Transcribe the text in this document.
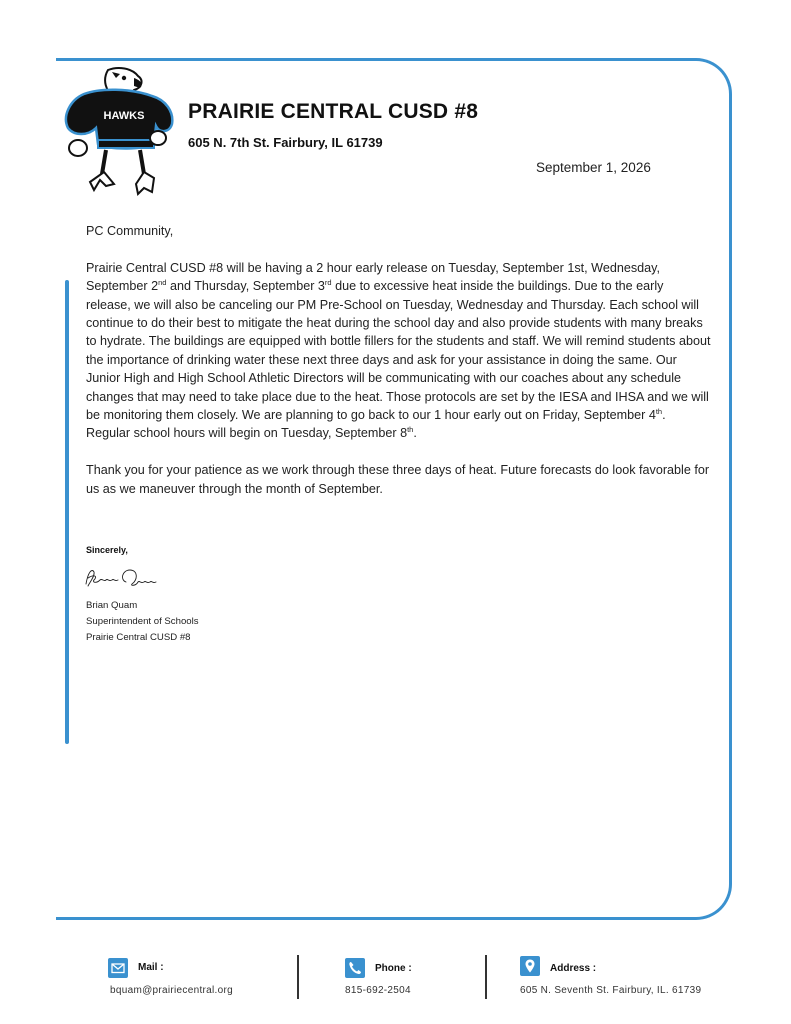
HAWKS PRAIRIE CENTRAL CUSD #8
605 N. 7th St. Fairbury, IL 61739
September 1, 2026

PC Community,

Prairie Central CUSD #8 will be having a 2 hour early release on Tuesday, September 1st, Wednesday, September 2nd and Thursday, September 3rd due to excessive heat inside the buildings. Due to the early release, we will also be canceling our PM Pre-School on Tuesday, Wednesday and Thursday. Each school will continue to do their best to mitigate the heat during the school day and also provide students with many breaks to hydrate. The buildings are equipped with bottle fillers for the students and staff. We will remind students about the importance of drinking water these next three days and ask for your assistance in doing the same. Our Junior High and High School Athletic Directors will be communicating with our coaches about any schedule changes that may need to take place due to the heat. Those protocols are set by the IESA and IHSA and we will be monitoring them closely. We are planning to go back to our 1 hour early out on Friday, September 4th. Regular school hours will begin on Tuesday, September 8th.

Thank you for your patience as we work through these three days of heat. Future forecasts do look favorable for us as we maneuver through the month of September.

Sincerely,
Brian Quam
Superintendent of Schools
Prairie Central CUSD #8
Mail :
bquam@prairiecentral.org
Phone :
815-692-2504
Address :
605 N. Seventh St. Fairbury, IL. 61739
